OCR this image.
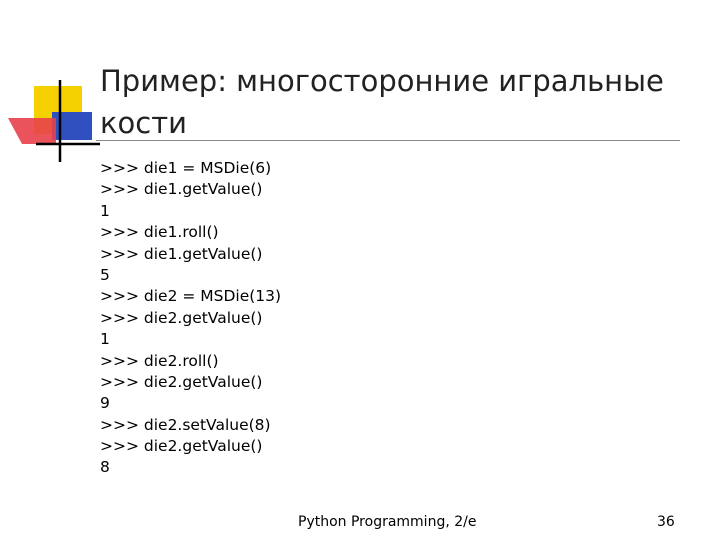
Пример: многосторонние игральные
кости
>>> die1 = MSDie(6)
>>> die1.getValue()
1
>>> die1.roll()
>>> die1.getValue()
5
>>> die2 = MSDie(13)
>>> die2.getValue()
1
>>> die2.roll()
>>> die2.getValue()
9
>>> die2.setValue(8)
>>> die2.getValue()
8
Python Programming, 2/e	36
